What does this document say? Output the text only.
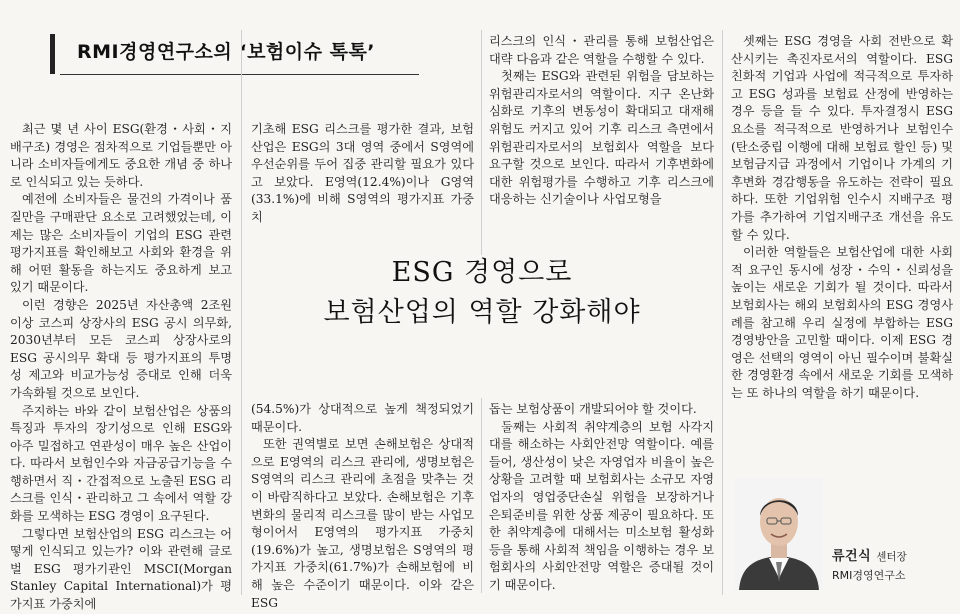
RMI경영연구소의 ‘보험이슈 톡톡’

최근 몇 년 사이 ESG(환경・사회・지배구조) 경영은 점차적으로 기업들뿐만 아니라 소비자들에게도 중요한 개념 중 하나로 인식되고 있는 듯하다.

예전에 소비자들은 물건의 가격이나 품질만을 구매판단 요소로 고려했었는데, 이제는 많은 소비자들이 기업의 ESG 관련 평가지표를 확인해보고 사회와 환경을 위해 어떤 활동을 하는지도 중요하게 보고 있기 때문이다.

이런 경향은 2025년 자산총액 2조원 이상 코스피 상장사의 ESG 공시 의무화, 2030년부터 모든 코스피 상장사로의 ESG 공시의무 확대 등 평가지표의 투명성 제고와 비교가능성 증대로 인해 더욱 가속화될 것으로 보인다.

주지하는 바와 같이 보험산업은 상품의 특징과 투자의 장기성으로 인해 ESG와 아주 밀접하고 연관성이 매우 높은 산업이다. 따라서 보험인수와 자금공급기능을 수행하면서 직・간접적으로 노출된 ESG 리스크를 인식・관리하고 그 속에서 역할 강화를 모색하는 ESG 경영이 요구된다.

그렇다면 보험산업의 ESG 리스크는 어떻게 인식되고 있는가? 이와 관련해 글로벌 ESG 평가기관인 MSCI(Morgan Stanley Capital International)가 평가지표 가중치에

기초해 ESG 리스크를 평가한 결과, 보험산업은 ESG의 3대 영역 중에서 S영역에 우선순위를 두어 집중 관리할 필요가 있다고 보았다. E영역(12.4%)이나 G영역(33.1%)에 비해 S영역의 평가지표 가중치

ESG 경영으로
보험산업의 역할 강화해야

(54.5%)가 상대적으로 높게 책정되었기 때문이다.

또한 권역별로 보면 손해보험은 상대적으로 E영역의 리스크 관리에, 생명보험은 S영역의 리스크 관리에 초점을 맞추는 것이 바람직하다고 보았다. 손해보험은 기후변화의 물리적 리스크를 많이 받는 사업모형이어서 E영역의 평가지표 가중치(19.6%)가 높고, 생명보험은 S영역의 평가지표 가중치(61.7%)가 손해보험에 비해 높은 수준이기 때문이다. 이와 같은 ESG

리스크의 인식・관리를 통해 보험산업은 대략 다음과 같은 역할을 수행할 수 있다.

첫째는 ESG와 관련된 위험을 담보하는 위험관리자로서의 역할이다. 지구 온난화 심화로 기후의 변동성이 확대되고 대재해 위험도 커지고 있어 기후 리스크 측면에서 위험관리자로서의 보험회사 역할을 보다 요구할 것으로 보인다. 따라서 기후변화에 대한 위험평가를 수행하고 기후 리스크에 대응하는 신기술이나 사업모형을

돕는 보험상품이 개발되어야 할 것이다.

둘째는 사회적 취약계층의 보험 사각지대를 해소하는 사회안전망 역할이다. 예를 들어, 생산성이 낮은 자영업자 비율이 높은 상황을 고려할 때 보험회사는 소규모 자영업자의 영업중단손실 위험을 보장하거나 은퇴준비를 위한 상품 제공이 필요하다. 또한 취약계층에 대해서는 미소보험 활성화 등을 통해 사회적 책임을 이행하는 경우 보험회사의 사회안전망 역할은 증대될 것이기 때문이다.

셋째는 ESG 경영을 사회 전반으로 확산시키는 촉진자로서의 역할이다. ESG 친화적 기업과 사업에 적극적으로 투자하고 ESG 성과를 보험료 산정에 반영하는 경우 등을 들 수 있다. 투자결정시 ESG 요소를 적극적으로 반영하거나 보험인수(탄소중립 이행에 대해 보험료 할인 등) 및 보험금지급 과정에서 기업이나 가계의 기후변화 경감행동을 유도하는 전략이 필요하다. 또한 기업위험 인수시 지배구조 평가를 추가하여 기업지배구조 개선을 유도할 수 있다.

이러한 역할들은 보험산업에 대한 사회적 요구인 동시에 성장・수익・신뢰성을 높이는 새로운 기회가 될 것이다. 따라서 보험회사는 해외 보험회사의 ESG 경영사례를 참고해 우리 실정에 부합하는 ESG 경영방안을 고민할 때이다. 이제 ESG 경영은 선택의 영역이 아닌 필수이며 불확실한 경영환경 속에서 새로운 기회를 모색하는 또 하나의 역할을 하기 때문이다.

류건식 센터장
RMI경영연구소
